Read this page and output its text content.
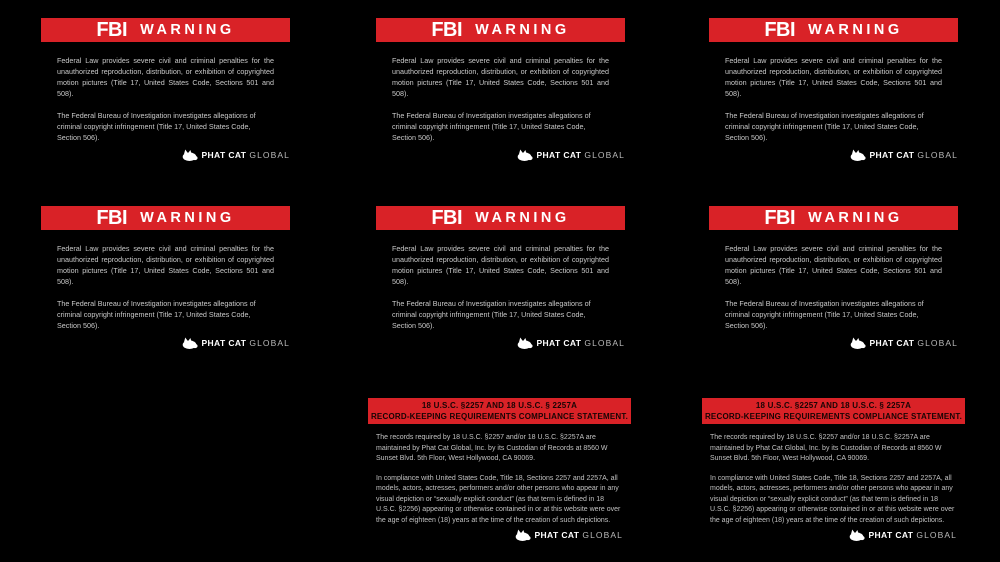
FBI WARNING

Federal Law provides severe civil and criminal penalties for the unauthorized reproduction, distribution, or exhibition of copyrighted motion pictures (Title 17, United States Code, Sections 501 and 508).

The Federal Bureau of Investigation investigates allegations of criminal copyright infringement (Title 17, United States Code, Section 506).

PHAT CAT GLOBAL
FBI WARNING

Federal Law provides severe civil and criminal penalties for the unauthorized reproduction, distribution, or exhibition of copyrighted motion pictures (Title 17, United States Code, Sections 501 and 508).

The Federal Bureau of Investigation investigates allegations of criminal copyright infringement (Title 17, United States Code, Section 506).

PHAT CAT GLOBAL
FBI WARNING

Federal Law provides severe civil and criminal penalties for the unauthorized reproduction, distribution, or exhibition of copyrighted motion pictures (Title 17, United States Code, Sections 501 and 508).

The Federal Bureau of Investigation investigates allegations of criminal copyright infringement (Title 17, United States Code, Section 506).

PHAT CAT GLOBAL
FBI WARNING

Federal Law provides severe civil and criminal penalties for the unauthorized reproduction, distribution, or exhibition of copyrighted motion pictures (Title 17, United States Code, Sections 501 and 508).

The Federal Bureau of Investigation investigates allegations of criminal copyright infringement (Title 17, United States Code, Section 506).

PHAT CAT GLOBAL
FBI WARNING

Federal Law provides severe civil and criminal penalties for the unauthorized reproduction, distribution, or exhibition of copyrighted motion pictures (Title 17, United States Code, Sections 501 and 508).

The Federal Bureau of Investigation investigates allegations of criminal copyright infringement (Title 17, United States Code, Section 506).

PHAT CAT GLOBAL
FBI WARNING

Federal Law provides severe civil and criminal penalties for the unauthorized reproduction, distribution, or exhibition of copyrighted motion pictures (Title 17, United States Code, Sections 501 and 508).

The Federal Bureau of Investigation investigates allegations of criminal copyright infringement (Title 17, United States Code, Section 506).

PHAT CAT GLOBAL
18 U.S.C. §2257 AND 18 U.S.C. § 2257A
RECORD-KEEPING REQUIREMENTS COMPLIANCE STATEMENT.

The records required by 18 U.S.C. §2257 and/or 18 U.S.C. §2257A are maintained by Phat Cat Global, Inc. by its Custodian of Records at 8560 W Sunset Blvd. 5th Floor, West Hollywood, CA 90069.

In compliance with United States Code, Title 18, Sections 2257 and 2257A, all models, actors, actresses, performers and/or other persons who appear in any visual depiction or “sexually explicit conduct” (as that term is defined in 18 U.S.C. §2256) appearing or otherwise contained in or at this website were over the age of eighteen (18) years at the time of the creation of such depictions.

PHAT CAT GLOBAL
18 U.S.C. §2257 AND 18 U.S.C. § 2257A
RECORD-KEEPING REQUIREMENTS COMPLIANCE STATEMENT.

The records required by 18 U.S.C. §2257 and/or 18 U.S.C. §2257A are maintained by Phat Cat Global, Inc. by its Custodian of Records at 8560 W Sunset Blvd. 5th Floor, West Hollywood, CA 90069.

In compliance with United States Code, Title 18, Sections 2257 and 2257A, all models, actors, actresses, performers and/or other persons who appear in any visual depiction or “sexually explicit conduct” (as that term is defined in 18 U.S.C. §2256) appearing or otherwise contained in or at this website were over the age of eighteen (18) years at the time of the creation of such depictions.

PHAT CAT GLOBAL
